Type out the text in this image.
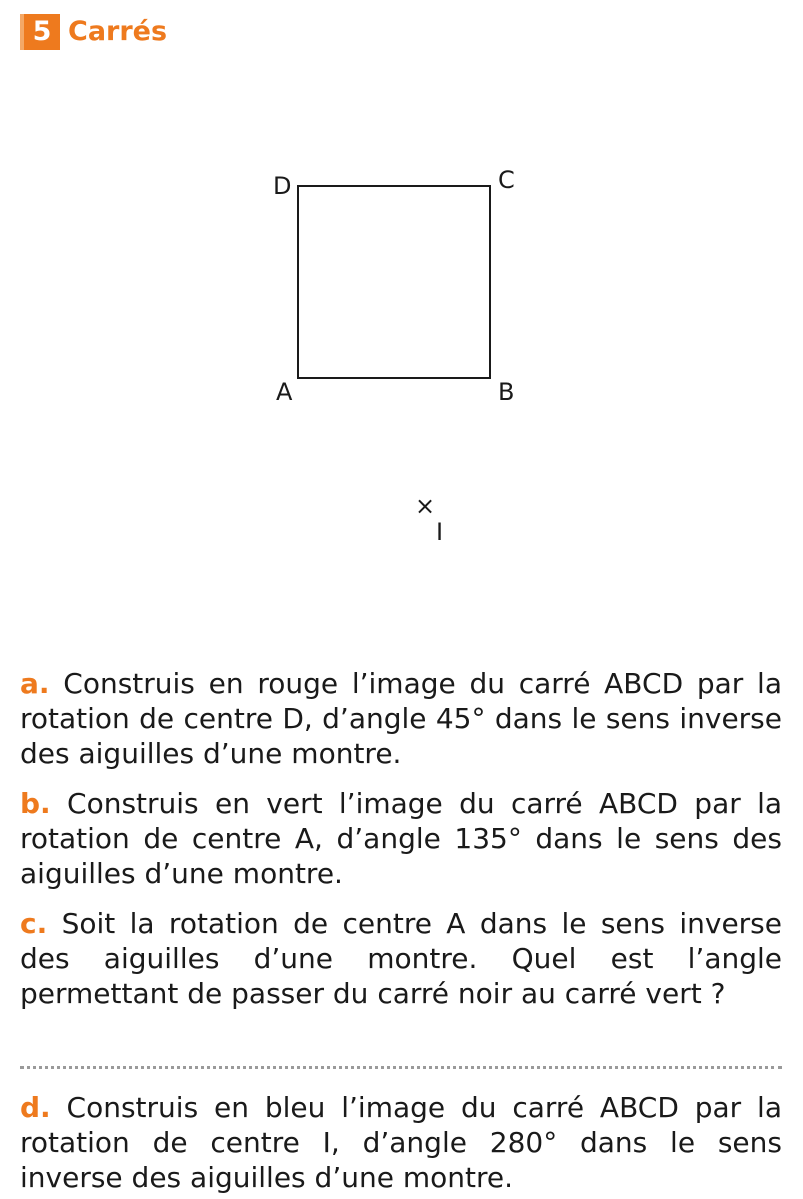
5 Carrés
D	C
A	B
×
I
a. Construis en rouge l’image du carré ABCD par la rotation de centre D, d’angle 45° dans le sens inverse des aiguilles d’une montre.
b. Construis en vert l’image du carré ABCD par la rotation de centre A, d’angle 135° dans le sens des aiguilles d’une montre.
c. Soit la rotation de centre A dans le sens inverse des aiguilles d’une montre. Quel est l’angle permettant de passer du carré noir au carré vert ?
d. Construis en bleu l’image du carré ABCD par la rotation de centre I, d’angle 280° dans le sens inverse des aiguilles d’une montre.
